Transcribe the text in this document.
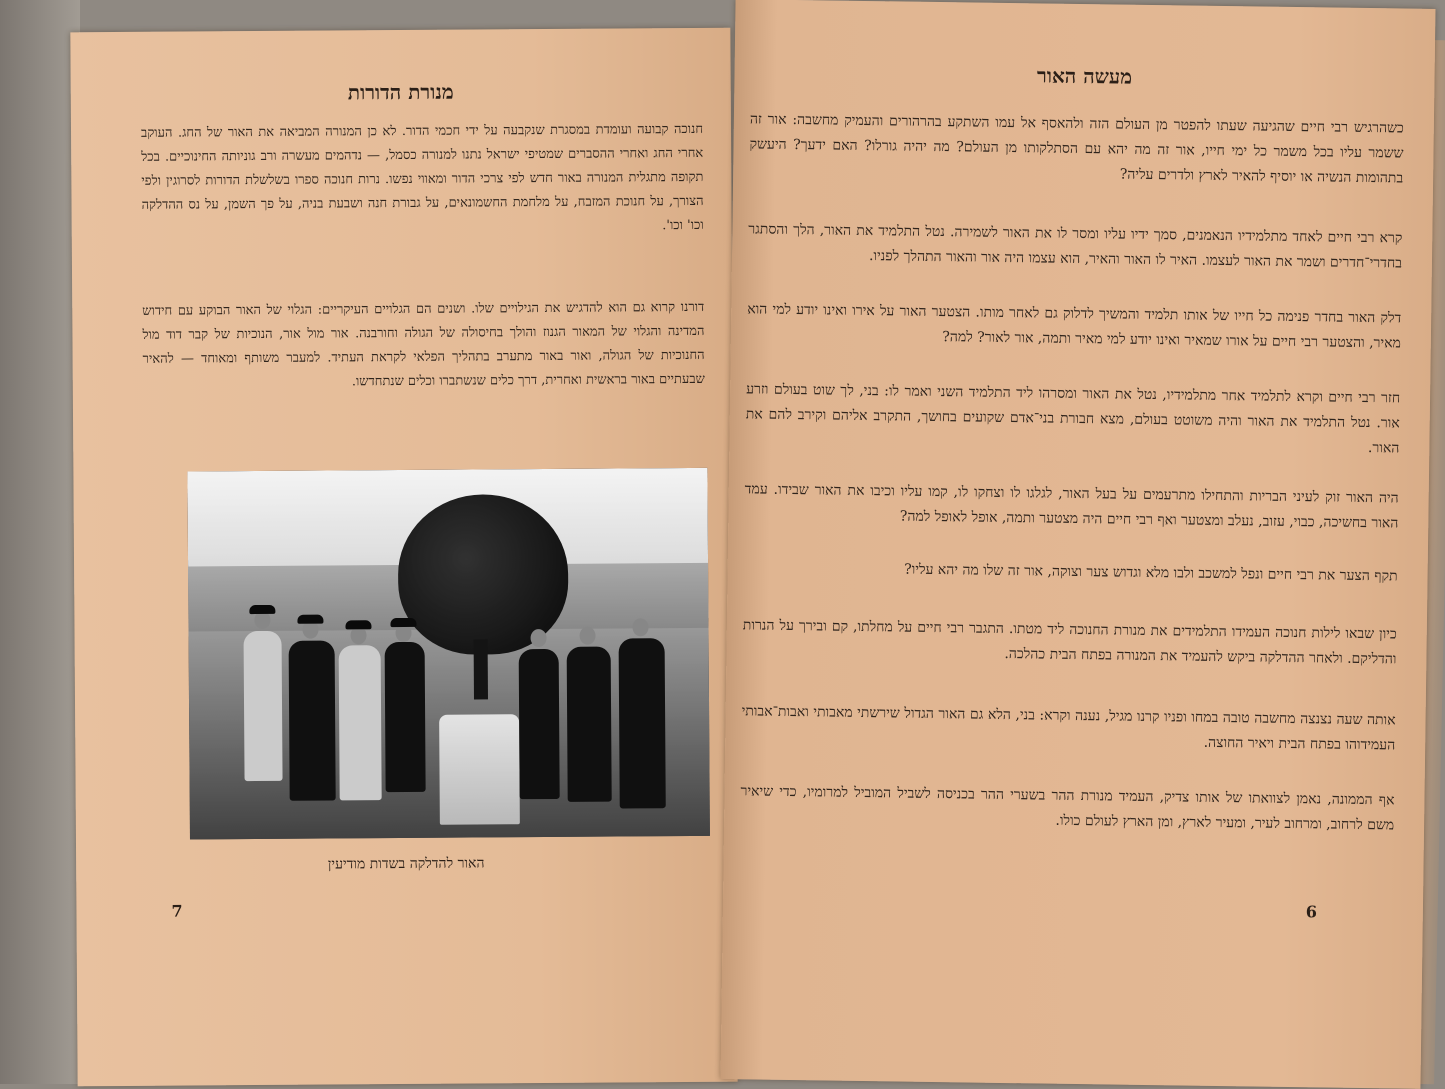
מנורת הדורות

חנוכה קבועה ועומדת במסגרת שנקבעה על ידי חכמי הדור. לא כן המנורה המביאה את האור של החג. העוקב אחרי החג ואחרי ההסברים שמטיפי ישראל נתנו למנורה כסמל, — נדהמים מעשרה ורב גוניותה החינוכיים. בכל תקופה מתגלית המנורה באור חדש לפי צרכי הדור ומאווי נפשו. נרות חנוכה ספרו בשלשלת הדורות לסרוגין ולפי הצורך, על חנוכת המזבח, על מלחמת החשמונאים, על גבורת חנה ושבעת בניה, על פך השמן, על נס ההדלקה וכו' וכו'.

דורנו קרוא גם הוא להדגיש את הגילויים שלו. ושנים הם הגלויים העיקריים: הגלוי של האור הבוקע עם חידוש המדינה והגלוי של המאור הגנוז והולך בחיסולה של הגולה וחורבנה. אור מול אור, הנוכיות של קבר דוד מול החנוכיות של הגולה, ואור באור מתערב בתהליך הפלאי לקראת העתיד. למעבר משותף ומאוחד — להאיר שבעתיים באור בראשית ואחרית, דרך כלים שנשתברו וכלים שנתחדשו.

האור להדלקה בשדות מודיעין
7
מעשה האור

כשהרגיש רבי חיים שהגיעה שעתו להפטר מן העולם הזה ולהאסף אל עמו השתקע בהרהורים והעמיק מחשבה: אור זה ששמר עליו בכל משמר כל ימי חייו, אור זה מה יהא עם הסתלקותו מן העולם? מה יהיה גורלו? האם ידעך? היעשק בתהומות הנשיה או יוסיף להאיר לארץ ולדרים עליה?

קרא רבי חיים לאחד מתלמידיו הנאמנים, סמך ידיו עליו ומסר לו את האור לשמירה. נטל התלמיד את האור, הלך והסתגר בחדרי־חדרים ושמר את האור לעצמו. האיר לו האור והאיר, הוא עצמו היה אור והאור התהלך לפניו.

דלק האור בחדר פנימה כל חייו של אותו תלמיד והמשיך לדלוק גם לאחר מותו. הצטער האור על אירו ואינו יודע למי הוא מאיר, והצטער רבי חיים על אורו שמאיר ואינו יודע למי מאיר ותמה, אור לאור? למה?

חזר רבי חיים וקרא לתלמיד אחר מתלמידיו, נטל את האור ומסרהו ליד התלמיד השני ואמר לו: בני, לך שוט בעולם וזרע אור. נטל התלמיד את האור והיה משוטט בעולם, מצא חבורת בני־אדם שקועים בחושך, התקרב אליהם וקירב להם את האור.

היה האור זוק לעיני הבריות והתחילו מתרעמים על בעל האור, לגלגו לו וצחקו לו, קמו עליו וכיבו את האור שבידו. עמד האור בחשיכה, כבוי, עזוב, נעלב ומצטער ואף רבי חיים היה מצטער ותמה, אופל לאופל למה?

תקף הצער את רבי חיים ונפל למשכב ולבו מלא וגדוש צער וצוקה, אור זה שלו מה יהא עליו?

כיון שבאו לילות חנוכה העמידו התלמידים את מנורת החנוכה ליד מטתו. התגבר רבי חיים על מחלתו, קם ובירך על הנרות והדליקם. ולאחר ההדלקה ביקש להעמיד את המנורה בפתח הבית כהלכה.

אותה שעה נצנצה מחשבה טובה במחו ופניו קרנו מגיל, נענה וקרא: בני, הלא גם האור הגדול שירשתי מאבותי ואבות־אבותי העמידוהו בפתח הבית ויאיר החוצה.

אף הממונה, נאמן לצוואתו של אותו צדיק, העמיד מנורת ההר בשערי ההר בכניסה לשביל המוביל למרומיו, כדי שיאיר משם לרחוב, ומרחוב לעיר, ומעיר לארץ, ומן הארץ לעולם כולו.

6
